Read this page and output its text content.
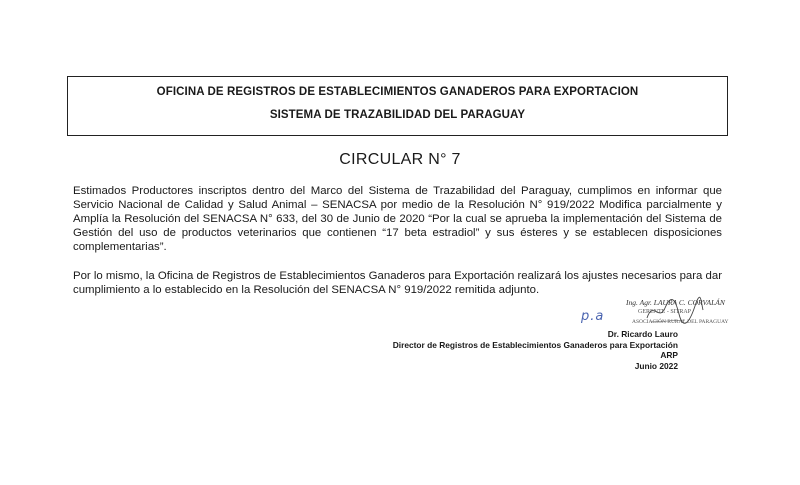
OFICINA DE REGISTROS DE ESTABLECIMIENTOS GANADEROS PARA EXPORTACION
SISTEMA DE TRAZABILIDAD DEL PARAGUAY
CIRCULAR N° 7

Estimados Productores inscriptos dentro del Marco del Sistema de Trazabilidad del Paraguay, cumplimos en informar que Servicio Nacional de Calidad y Salud Animal – SENACSA por medio de la Resolución N° 919/2022 Modifica parcialmente y Amplía la Resolución del SENACSA N° 633, del 30 de Junio de 2020 “Por la cual se aprueba la implementación del Sistema de Gestión del uso de productos veterinarios que contienen “17 beta estradiol” y sus ésteres y se establecen disposiciones complementarias”.

Por lo mismo, la Oficina de Registros de Establecimientos Ganaderos para Exportación realizará los ajustes necesarios para dar cumplimiento a lo establecido en la Resolución del SENACSA N° 919/2022 remitida adjunto.

Ing. Agr. LAURA C. CORVALÁN
GERENTE - SITRAP
ASOCIACIÓN RURAL DEL PARAGUAY
p.a
Dr. Ricardo Lauro
Director de Registros de Establecimientos Ganaderos para Exportación
ARP
Junio 2022
